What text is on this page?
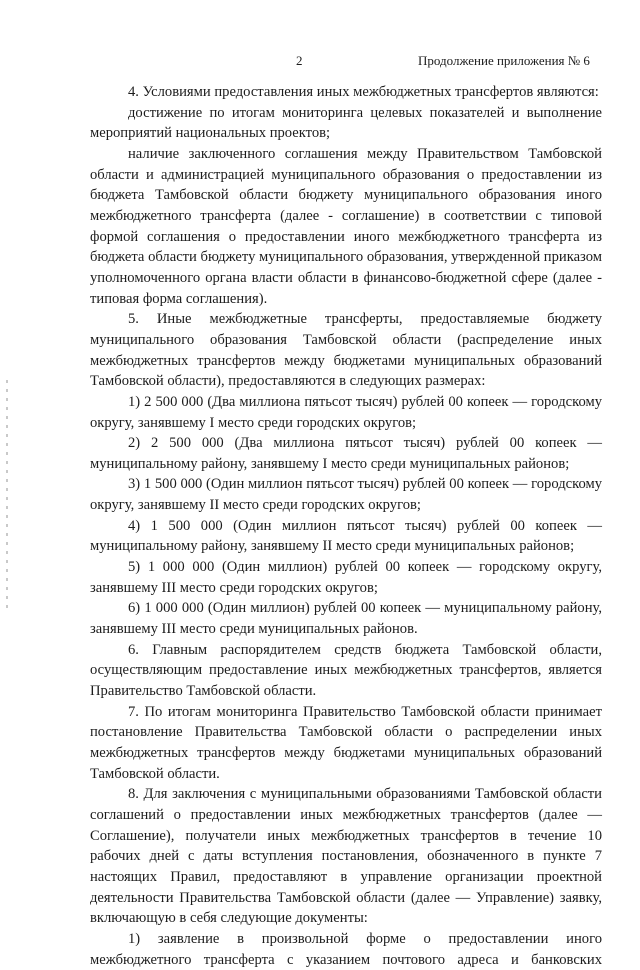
2	Продолжение приложения № 6

4. Условиями предоставления иных межбюджетных трансфертов являются:

достижение по итогам мониторинга целевых показателей и выполнение мероприятий национальных проектов;

наличие заключенного соглашения между Правительством Тамбовской области и администрацией муниципального образования о предоставлении из бюджета Тамбовской области бюджету муниципального образования иного межбюджетного трансферта (далее - соглашение) в соответствии с типовой формой соглашения о предоставлении иного межбюджетного трансферта из бюджета области бюджету муниципального образования, утвержденной приказом уполномоченного органа власти области в финансово-бюджетной сфере (далее - типовая форма соглашения).

5. Иные межбюджетные трансферты, предоставляемые бюджету муниципального образования Тамбовской области (распределение иных межбюджетных трансфертов между бюджетами муниципальных образований Тамбовской области), предоставляются в следующих размерах:

1) 2 500 000 (Два миллиона пятьсот тысяч) рублей 00 копеек — городскому округу, занявшему I место среди городских округов;

2) 2 500 000 (Два миллиона пятьсот тысяч) рублей 00 копеек — муниципальному району, занявшему I место среди муниципальных районов;

3) 1 500 000 (Один миллион пятьсот тысяч) рублей 00 копеек — городскому округу, занявшему II место среди городских округов;

4) 1 500 000 (Один миллион пятьсот тысяч) рублей 00 копеек — муниципальному району, занявшему II место среди муниципальных районов;

5) 1 000 000 (Один миллион) рублей 00 копеек — городскому округу, занявшему III место среди городских округов;

6) 1 000 000 (Один миллион) рублей 00 копеек — муниципальному району, занявшему III место среди муниципальных районов.

6. Главным распорядителем средств бюджета Тамбовской области, осуществляющим предоставление иных межбюджетных трансфертов, является Правительство Тамбовской области.

7. По итогам мониторинга Правительство Тамбовской области принимает постановление Правительства Тамбовской области о распределении иных межбюджетных трансфертов между бюджетами муниципальных образований Тамбовской области.

8. Для заключения с муниципальными образованиями Тамбовской области соглашений о предоставлении иных межбюджетных трансфертов (далее — Соглашение), получатели иных межбюджетных трансфертов в течение 10 рабочих дней с даты вступления постановления, обозначенного в пункте 7 настоящих Правил, предоставляют в управление организации проектной деятельности Правительства Тамбовской области (далее — Управление) заявку, включающую в себя следующие документы:

1) заявление в произвольной форме о предоставлении иного межбюджетного трансферта с указанием почтового адреса и банковских
